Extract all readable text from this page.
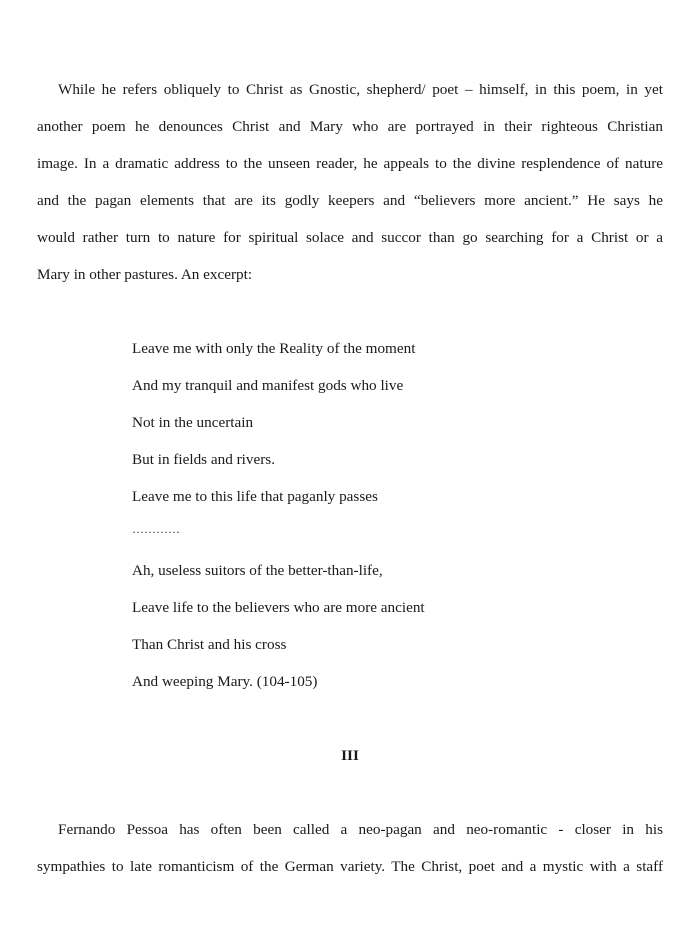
While he refers obliquely to Christ as Gnostic, shepherd/ poet – himself, in this poem, in yet
another poem he denounces Christ and Mary who are portrayed in their righteous Christian
image. In a dramatic address to the unseen reader, he appeals to the divine resplendence of nature
and the pagan elements that are its godly keepers and “believers more ancient.” He says he
would rather turn to nature for spiritual solace and succor than go searching for a Christ or a
Mary in other pastures. An excerpt:
Leave me with only the Reality of the moment
And my tranquil and manifest gods who live
Not in the uncertain
But in fields and rivers.
Leave me to this life that paganly passes
…………
Ah, useless suitors of the better-than-life,
Leave life to the believers who are more ancient
Than Christ and his cross
And weeping Mary. (104-105)
III
Fernando Pessoa has often been called a neo-pagan and neo-romantic - closer in his
sympathies to late romanticism of the German variety. The Christ, poet and a mystic with a staff
